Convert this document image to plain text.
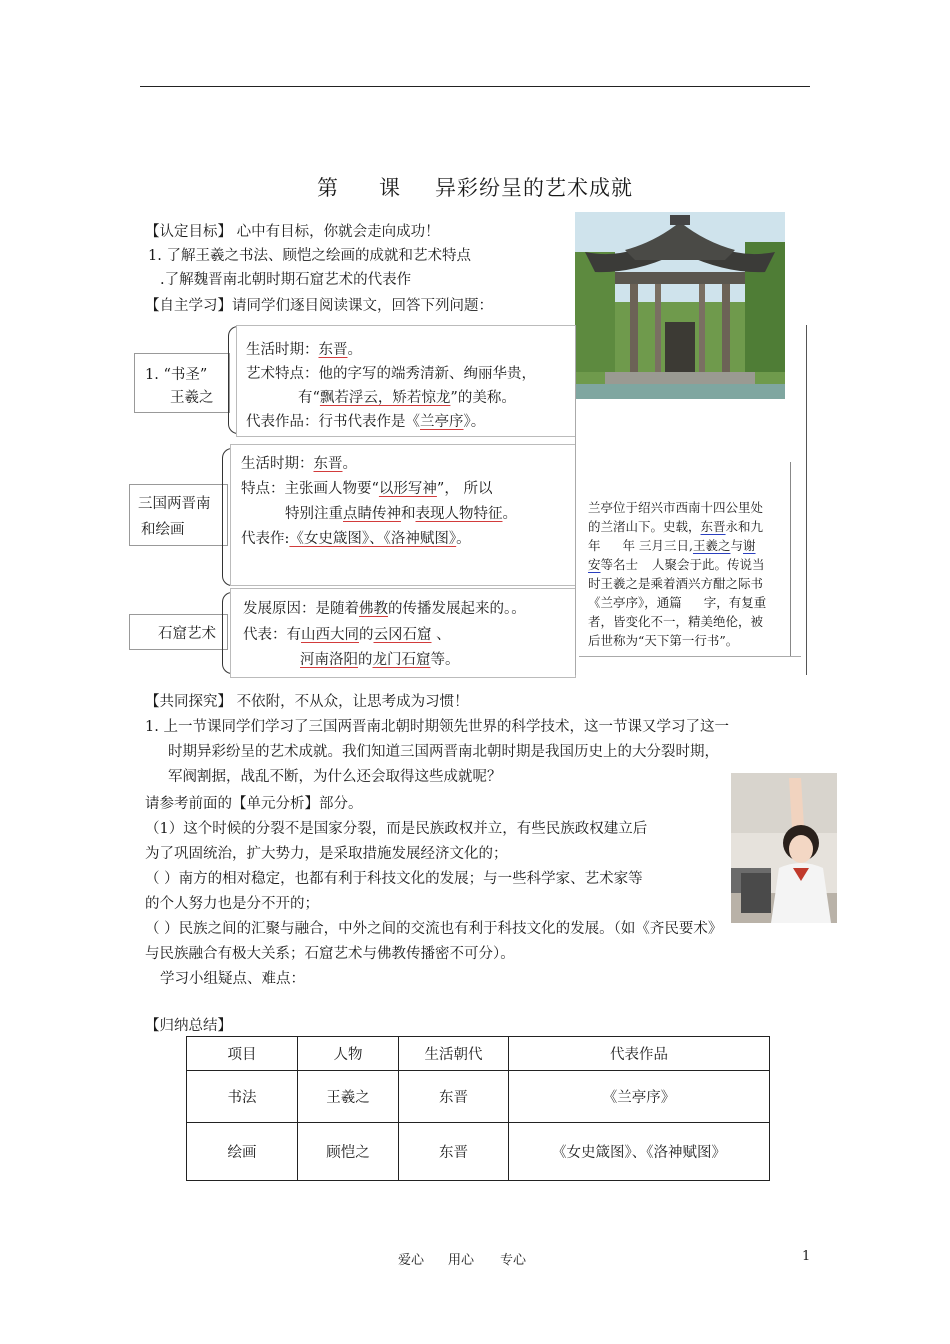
第 课 异彩纷呈的艺术成就
【认定目标】 心中有目标，你就会走向成功！
1. 了解王羲之书法、顾恺之绘画的成就和艺术特点
.了解魏晋南北朝时期石窟艺术的代表作
【自主学习】请同学们逐目阅读课文，回答下列问题：
1. “书圣”
王羲之
生活时期：东晋。
艺术特点：他的字写的端秀清新、绚丽华贵，
有“飘若浮云，矫若惊龙”的美称。
代表作品：行书代表作是《兰亭序》。
三国两晋南
和绘画
生活时期：东晋。
特点：主张画人物要“以形写神”， 所以
特别注重点睛传神和表现人物特征。
代表作:《女史箴图》、《洛神赋图》。
石窟艺术
发展原因：是随着佛教的传播发展起来的。。
代表：有山西大同的云冈石窟 、
河南洛阳的龙门石窟等。
兰亭位于绍兴市西南十四公里处
的兰渚山下。史载，东晋永和九
年 年 三月三日,王羲之与谢
安等名士 人聚会于此。传说当
时王羲之是乘着酒兴方酣之际书
《兰亭序》，通篇 字，有复重
者，皆变化不一，精美绝伦，被
后世称为“天下第一行书”。
【共同探究】 不依附，不从众，让思考成为习惯！
1. 上一节课同学们学习了三国两晋南北朝时期领先世界的科学技术，这一节课又学习了这一
时期异彩纷呈的艺术成就。我们知道三国两晋南北朝时期是我国历史上的大分裂时期，
军阀割据，战乱不断，为什么还会取得这些成就呢？
请参考前面的【单元分析】部分。
（1）这个时候的分裂不是国家分裂，而是民族政权并立，有些民族政权建立后
为了巩固统治，扩大势力，是采取措施发展经济文化的；
（ ）南方的相对稳定，也都有利于科技文化的发展；与一些科学家、艺术家等
的个人努力也是分不开的；
（ ）民族之间的汇聚与融合，中外之间的交流也有利于科技文化的发展。（如《齐民要术》
与民族融合有极大关系；石窟艺术与佛教传播密不可分）。
学习小组疑点、难点：
【归纳总结】
项目	人物	生活朝代	代表作品
书法	王羲之	东晋	《兰亭序》
绘画	顾恺之	东晋	《女史箴图》、《洛神赋图》
爱心 用心 专心	1
